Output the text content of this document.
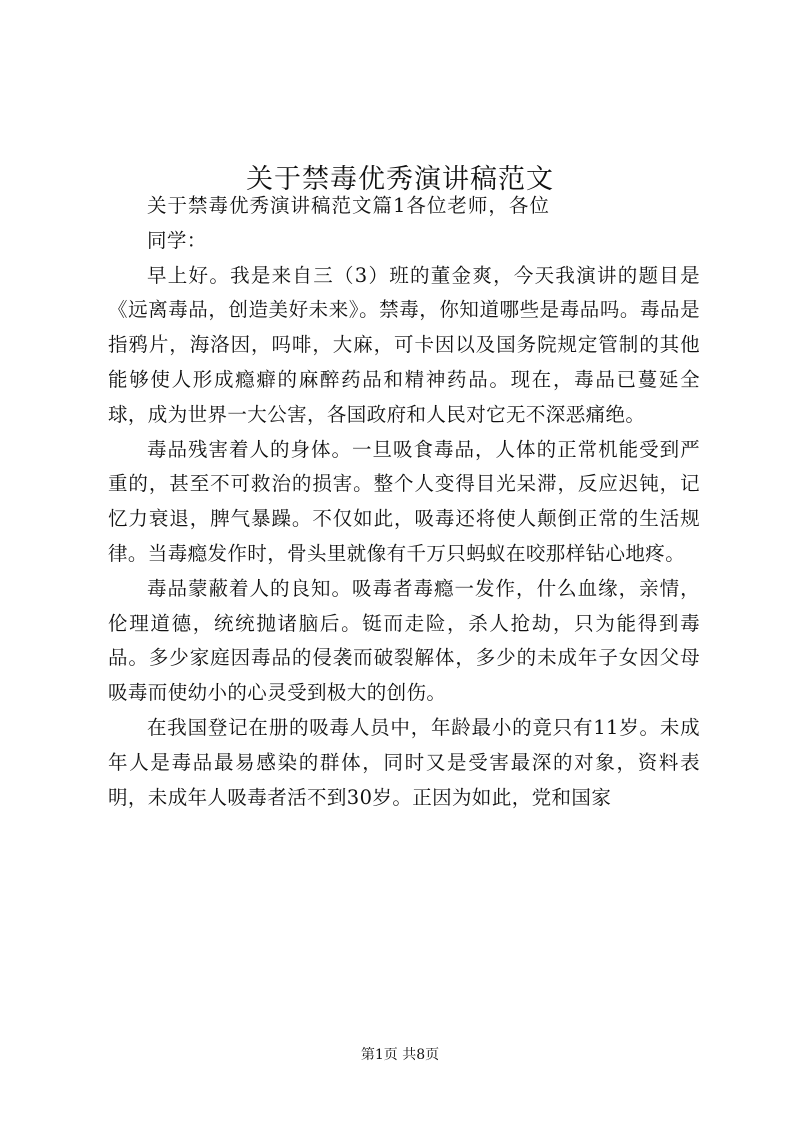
关于禁毒优秀演讲稿范文

关于禁毒优秀演讲稿范文篇1各位老师，各位

同学：

早上好。我是来自三（3）班的董金爽，今天我演讲的题目是《远离毒品，创造美好未来》。禁毒，你知道哪些是毒品吗。毒品是指鸦片，海洛因，吗啡，大麻，可卡因以及国务院规定管制的其他能够使人形成瘾癖的麻醉药品和精神药品。现在，毒品已蔓延全球，成为世界一大公害，各国政府和人民对它无不深恶痛绝。

毒品残害着人的身体。一旦吸食毒品，人体的正常机能受到严重的，甚至不可救治的损害。整个人变得目光呆滞，反应迟钝，记忆力衰退，脾气暴躁。不仅如此，吸毒还将使人颠倒正常的生活规律。当毒瘾发作时，骨头里就像有千万只蚂蚁在咬那样钻心地疼。

毒品蒙蔽着人的良知。吸毒者毒瘾一发作，什么血缘，亲情，伦理道德，统统抛诸脑后。铤而走险，杀人抢劫，只为能得到毒品。多少家庭因毒品的侵袭而破裂解体，多少的未成年子女因父母吸毒而使幼小的心灵受到极大的创伤。

在我国登记在册的吸毒人员中，年龄最小的竟只有11岁。未成年人是毒品最易感染的群体，同时又是受害最深的对象，资料表明，未成年人吸毒者活不到30岁。正因为如此，党和国家

第1页 共8页
